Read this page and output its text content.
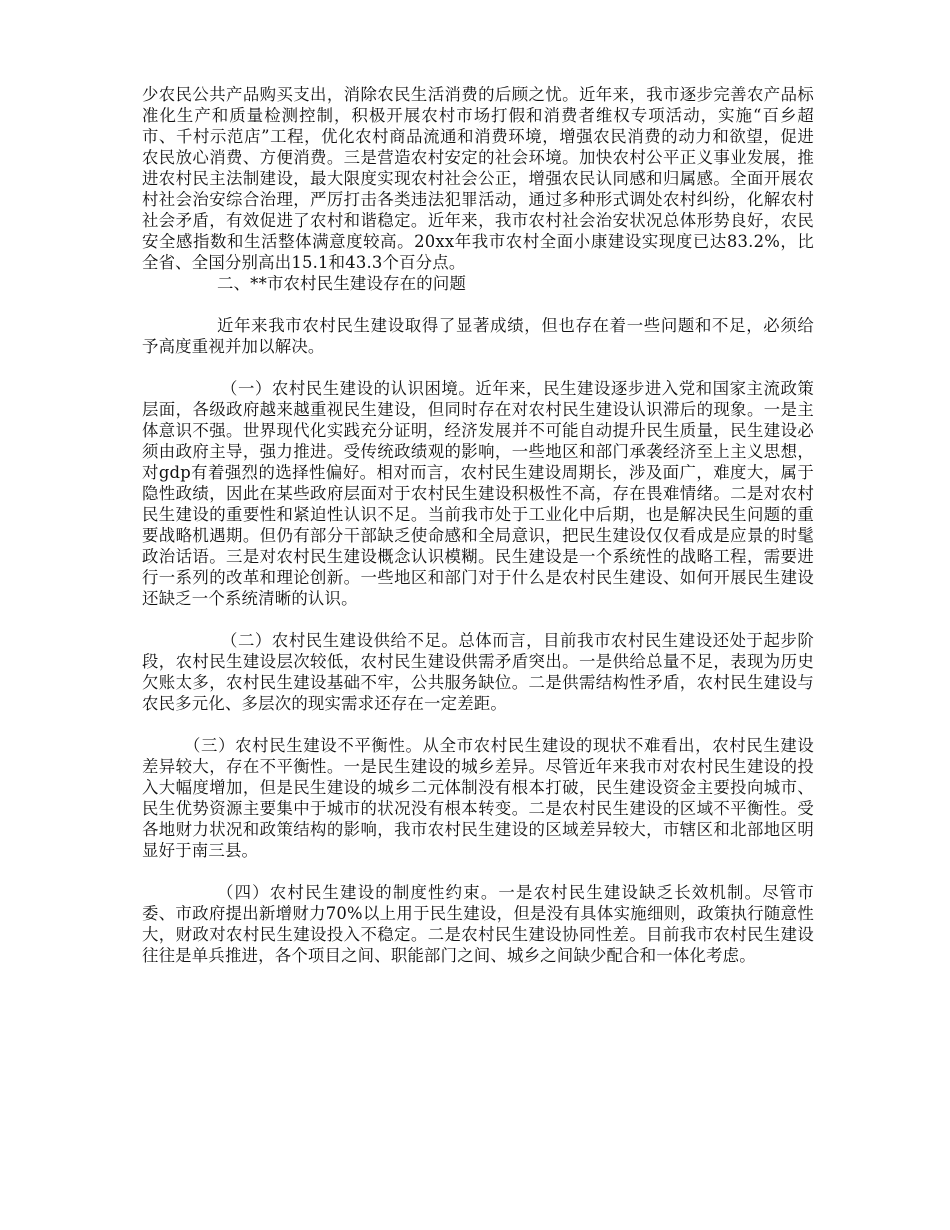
少农民公共产品购买支出，消除农民生活消费的后顾之忧。近年来，我市逐步完善农产品标准化生产和质量检测控制，积极开展农村市场打假和消费者维权专项活动，实施“百乡超市、千村示范店”工程，优化农村商品流通和消费环境，增强农民消费的动力和欲望，促进农民放心消费、方便消费。三是营造农村安定的社会环境。加快农村公平正义事业发展，推进农村民主法制建设，最大限度实现农村社会公正，增强农民认同感和归属感。全面开展农村社会治安综合治理，严厉打击各类违法犯罪活动，通过多种形式调处农村纠纷，化解农村社会矛盾，有效促进了农村和谐稳定。近年来，我市农村社会治安状况总体形势良好，农民安全感指数和生活整体满意度较高。20xx年我市农村全面小康建设实现度已达83.2%，比全省、全国分别高出15.1和43.3个百分点。

二、**市农村民生建设存在的问题

近年来我市农村民生建设取得了显著成绩，但也存在着一些问题和不足，必须给予高度重视并加以解决。

（一）农村民生建设的认识困境。近年来，民生建设逐步进入党和国家主流政策层面，各级政府越来越重视民生建设，但同时存在对农村民生建设认识滞后的现象。一是主体意识不强。世界现代化实践充分证明，经济发展并不可能自动提升民生质量，民生建设必须由政府主导，强力推进。受传统政绩观的影响，一些地区和部门承袭经济至上主义思想，对gdp有着强烈的选择性偏好。相对而言，农村民生建设周期长，涉及面广，难度大，属于隐性政绩，因此在某些政府层面对于农村民生建设积极性不高，存在畏难情绪。二是对农村民生建设的重要性和紧迫性认识不足。当前我市处于工业化中后期，也是解决民生问题的重要战略机遇期。但仍有部分干部缺乏使命感和全局意识，把民生建设仅仅看成是应景的时髦政治话语。三是对农村民生建设概念认识模糊。民生建设是一个系统性的战略工程，需要进行一系列的改革和理论创新。一些地区和部门对于什么是农村民生建设、如何开展民生建设还缺乏一个系统清晰的认识。

（二）农村民生建设供给不足。总体而言，目前我市农村民生建设还处于起步阶段，农村民生建设层次较低，农村民生建设供需矛盾突出。一是供给总量不足，表现为历史欠账太多，农村民生建设基础不牢，公共服务缺位。二是供需结构性矛盾，农村民生建设与农民多元化、多层次的现实需求还存在一定差距。

（三）农村民生建设不平衡性。从全市农村民生建设的现状不难看出，农村民生建设差异较大，存在不平衡性。一是民生建设的城乡差异。尽管近年来我市对农村民生建设的投入大幅度增加，但是民生建设的城乡二元体制没有根本打破，民生建设资金主要投向城市、民生优势资源主要集中于城市的状况没有根本转变。二是农村民生建设的区域不平衡性。受各地财力状况和政策结构的影响，我市农村民生建设的区域差异较大，市辖区和北部地区明显好于南三县。

（四）农村民生建设的制度性约束。一是农村民生建设缺乏长效机制。尽管市委、市政府提出新增财力70%以上用于民生建设，但是没有具体实施细则，政策执行随意性大，财政对农村民生建设投入不稳定。二是农村民生建设协同性差。目前我市农村民生建设往往是单兵推进，各个项目之间、职能部门之间、城乡之间缺少配合和一体化考虑。
